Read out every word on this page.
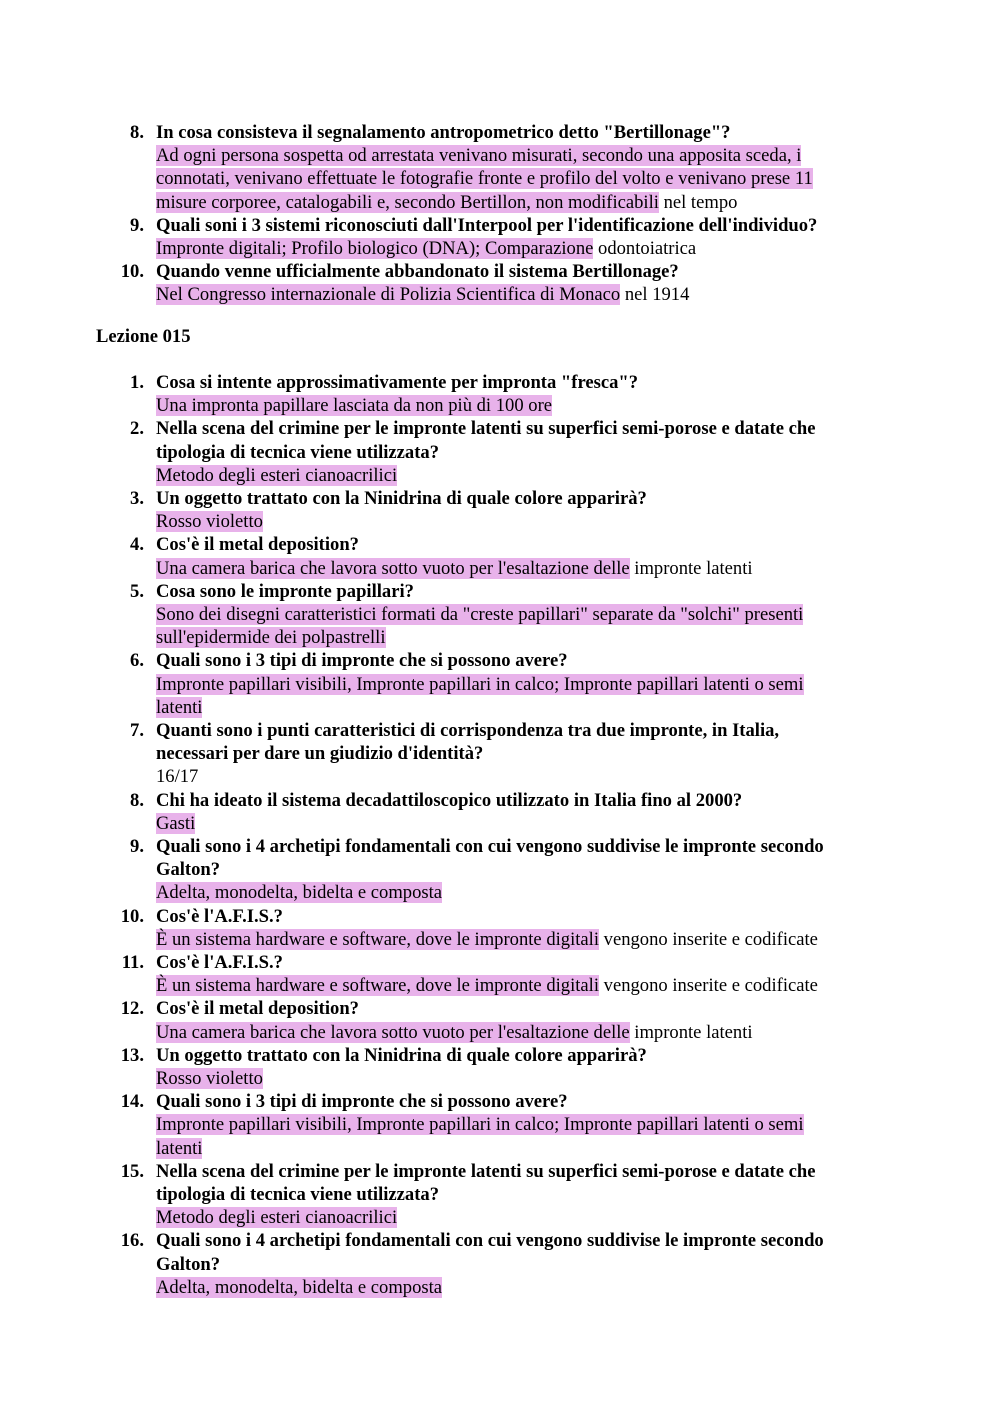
8. In cosa consisteva il segnalamento antropometrico detto "Bertillonage"?
Ad ogni persona sospetta od arrestata venivano misurati, secondo una apposita sceda, i
connotati, venivano effettuate le fotografie fronte e profilo del volto e venivano prese 11
misure corporee, catalogabili e, secondo Bertillon, non modificabili nel tempo
9. Quali soni i 3 sistemi riconosciuti dall'Interpool per l'identificazione dell'individuo?
Impronte digitali; Profilo biologico (DNA); Comparazione odontoiatrica
10. Quando venne ufficialmente abbandonato il sistema Bertillonage?
Nel Congresso internazionale di Polizia Scientifica di Monaco nel 1914
Lezione 015
1. Cosa si intente approssimativamente per impronta "fresca"?
Una impronta papillare lasciata da non più di 100 ore
2. Nella scena del crimine per le impronte latenti su superfici semi-porose e datate che
tipologia di tecnica viene utilizzata?
Metodo degli esteri cianoacrilici
3. Un oggetto trattato con la Ninidrina di quale colore apparirà?
Rosso violetto
4. Cos'è il metal deposition?
Una camera barica che lavora sotto vuoto per l'esaltazione delle impronte latenti
5. Cosa sono le impronte papillari?
Sono dei disegni caratteristici formati da "creste papillari" separate da "solchi" presenti
sull'epidermide dei polpastrelli
6. Quali sono i 3 tipi di impronte che si possono avere?
Impronte papillari visibili, Impronte papillari in calco; Impronte papillari latenti o semi
latenti
7. Quanti sono i punti caratteristici di corrispondenza tra due impronte, in Italia,
necessari per dare un giudizio d'identità?
16/17
8. Chi ha ideato il sistema decadattiloscopico utilizzato in Italia fino al 2000?
Gasti
9. Quali sono i 4 archetipi fondamentali con cui vengono suddivise le impronte secondo
Galton?
Adelta, monodelta, bidelta e composta
10. Cos'è l'A.F.I.S.?
È un sistema hardware e software, dove le impronte digitali vengono inserite e codificate
11. Cos'è l'A.F.I.S.?
È un sistema hardware e software, dove le impronte digitali vengono inserite e codificate
12. Cos'è il metal deposition?
Una camera barica che lavora sotto vuoto per l'esaltazione delle impronte latenti
13. Un oggetto trattato con la Ninidrina di quale colore apparirà?
Rosso violetto
14. Quali sono i 3 tipi di impronte che si possono avere?
Impronte papillari visibili, Impronte papillari in calco; Impronte papillari latenti o semi
latenti
15. Nella scena del crimine per le impronte latenti su superfici semi-porose e datate che
tipologia di tecnica viene utilizzata?
Metodo degli esteri cianoacrilici
16. Quali sono i 4 archetipi fondamentali con cui vengono suddivise le impronte secondo
Galton?
Adelta, monodelta, bidelta e composta
